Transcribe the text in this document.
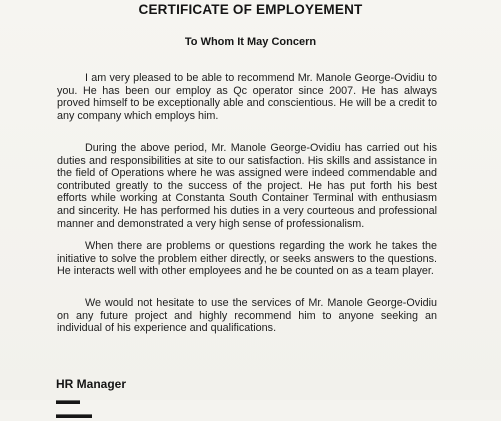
CERTIFICATE OF EMPLOYEMENT
To Whom It May Concern

I am very pleased to be able to recommend Mr. Manole George-Ovidiu to you. He has been our employ as Qc operator since 2007. He has always proved himself to be exceptionally able and conscientious. He will be a credit to any company which employs him.

During the above period, Mr. Manole George-Ovidiu has carried out his duties and responsibilities at site to our satisfaction. His skills and assistance in the field of Operations where he was assigned were indeed commendable and contributed greatly to the success of the project. He has put forth his best efforts while working at Constanta South Container Terminal with enthusiasm and sincerity. He has performed his duties in a very courteous and professional manner and demonstrated a very high sense of professionalism.

When there are problems or questions regarding the work he takes the initiative to solve the problem either directly, or seeks answers to the questions. He interacts well with other employees and he be counted on as a team player.

We would not hesitate to use the services of Mr. Manole George-Ovidiu on any future project and highly recommend him to anyone seeking an individual of his experience and qualifications.

HR Manager
▬▬ ▬▬▬
